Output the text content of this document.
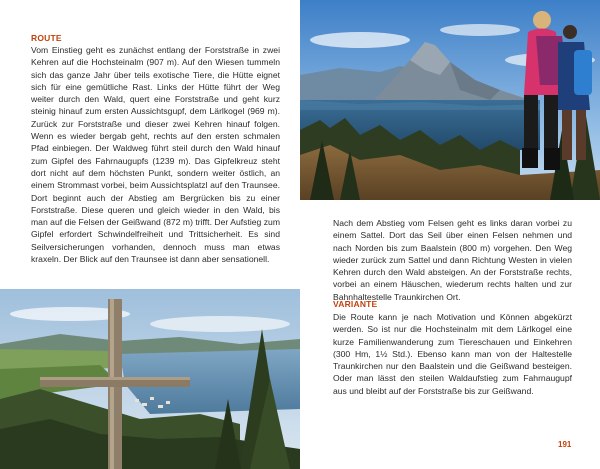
ROUTE
Vom Einstieg geht es zunächst entlang der Forststraße in zwei Kehren auf die Hochsteinalm (907 m). Auf den Wiesen tummeln sich das ganze Jahr über teils exotische Tiere, die Hütte eignet sich für eine gemütliche Rast. Links der Hütte führt der Weg weiter durch den Wald, quert eine Forststraße und geht kurz steinig hinauf zum ersten Aussichtsgupf, dem Lärlkogel (969 m). Zurück zur Forststraße und dieser zwei Kehren hinauf folgen. Wenn es wieder bergab geht, rechts auf den ersten schmalen Pfad einbiegen. Der Waldweg führt steil durch den Wald hinauf zum Gipfel des Fahrnaugupfs (1239 m). Das Gipfelkreuz steht dort nicht auf dem höchsten Punkt, sondern weiter östlich, an einem Strommast vorbei, beim Aussichtsplatzl auf den Traunsee. Dort beginnt auch der Abstieg am Bergrücken bis zu einer Forststraße. Diese queren und gleich wieder in den Wald, bis man auf die Felsen der Geißwand (872 m) trifft. Der Aufstieg zum Gipfel erfordert Schwindelfreiheit und Trittsicherheit. Es sind Seilversicherungen vorhanden, dennoch muss man etwas kraxeln. Der Blick auf den Traunsee ist dann aber sensationell.
Nach dem Abstieg vom Felsen geht es links daran vorbei zu einem Sattel. Dort das Seil über einen Felsen nehmen und nach Norden bis zum Baalstein (800 m) vorgehen. Den Weg wieder zurück zum Sattel und dann Richtung Westen in vielen Kehren durch den Wald absteigen. An der Forststraße rechts, vorbei an einem Häuschen, wiederum rechts halten und zur Bahnhaltestelle Traunkirchen Ort.
VARIANTE
Die Route kann je nach Motivation und Können abgekürzt werden. So ist nur die Hochsteinalm mit dem Lärlkogel eine kurze Familienwanderung zum Tiereschauen und Einkehren (300 Hm, 1½ Std.). Ebenso kann man von der Haltestelle Traunkirchen nur den Baalstein und die Geißwand besteigen. Oder man lässt den steilen Waldaufstieg zum Fahrnaugupf aus und bleibt auf der Forststraße bis zur Geißwand.
191
